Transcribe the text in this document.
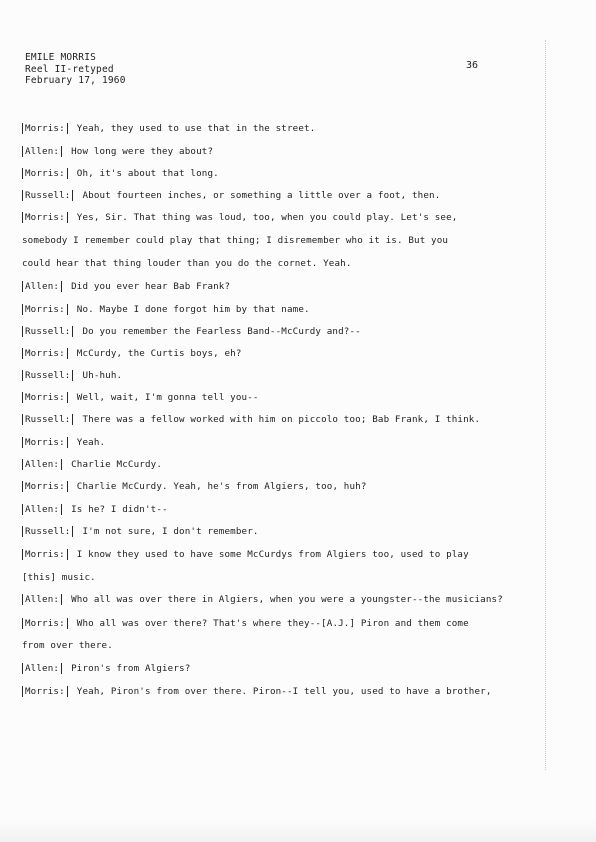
EMILE MORRIS
Reel II-retyped
February 17, 1960
36
Morris: Yeah, they used to use that in the street.
Allen: How long were they about?
Morris: Oh, it's about that long.
Russell: About fourteen inches, or something a little over a foot, then.
Morris: Yes, Sir. That thing was loud, too, when you could play. Let's see,
somebody I remember could play that thing; I disremember who it is. But you
could hear that thing louder than you do the cornet. Yeah.
Allen: Did you ever hear Bab Frank?
Morris: No. Maybe I done forgot him by that name.
Russell: Do you remember the Fearless Band--McCurdy and?--
Morris: McCurdy, the Curtis boys, eh?
Russell: Uh-huh.
Morris: Well, wait, I'm gonna tell you--
Russell: There was a fellow worked with him on piccolo too; Bab Frank, I think.
Morris: Yeah.
Allen: Charlie McCurdy.
Morris: Charlie McCurdy. Yeah, he's from Algiers, too, huh?
Allen: Is he? I didn't--
Russell: I'm not sure, I don't remember.
Morris: I know they used to have some McCurdys from Algiers too, used to play
[this] music.
Allen: Who all was over there in Algiers, when you were a youngster--the musicians?
Morris: Who all was over there? That's where they--[A.J.] Piron and them come
from over there.
Allen: Piron's from Algiers?
Morris: Yeah, Piron's from over there. Piron--I tell you, used to have a brother,
